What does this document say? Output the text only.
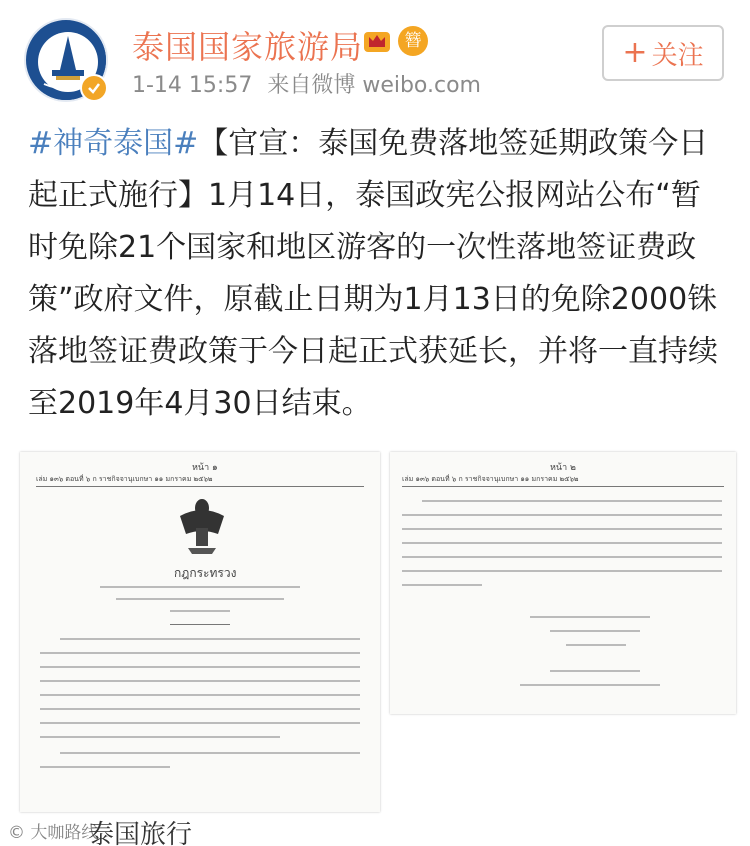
泰国国家旅游局	簪
1-14 15:57 来自微博 weibo.com
+ 关注
#神奇泰国#【官宣：泰国免费落地签延期政策今日起正式施行】1月14日，泰国政宪公报网站公布“暂时免除21个国家和地区游客的一次性落地签证费政策”政府文件，原截止日期为1月13日的免除2000铢落地签证费政策于今日起正式获延长，并将一直持续至2019年4月30日结束。
หน้า ๑
เล่ม ๑๓๖ ตอนที่ ๖ ก ราชกิจจานุเบกษา ๑๑ มกราคม ๒๕๖๒
กฎกระทรวง
หน้า ๒
เล่ม ๑๓๖ ตอนที่ ๖ ก ราชกิจจานุเบกษา ๑๑ มกราคม ๒๕๖๒
© 大咖路线
泰国旅行
